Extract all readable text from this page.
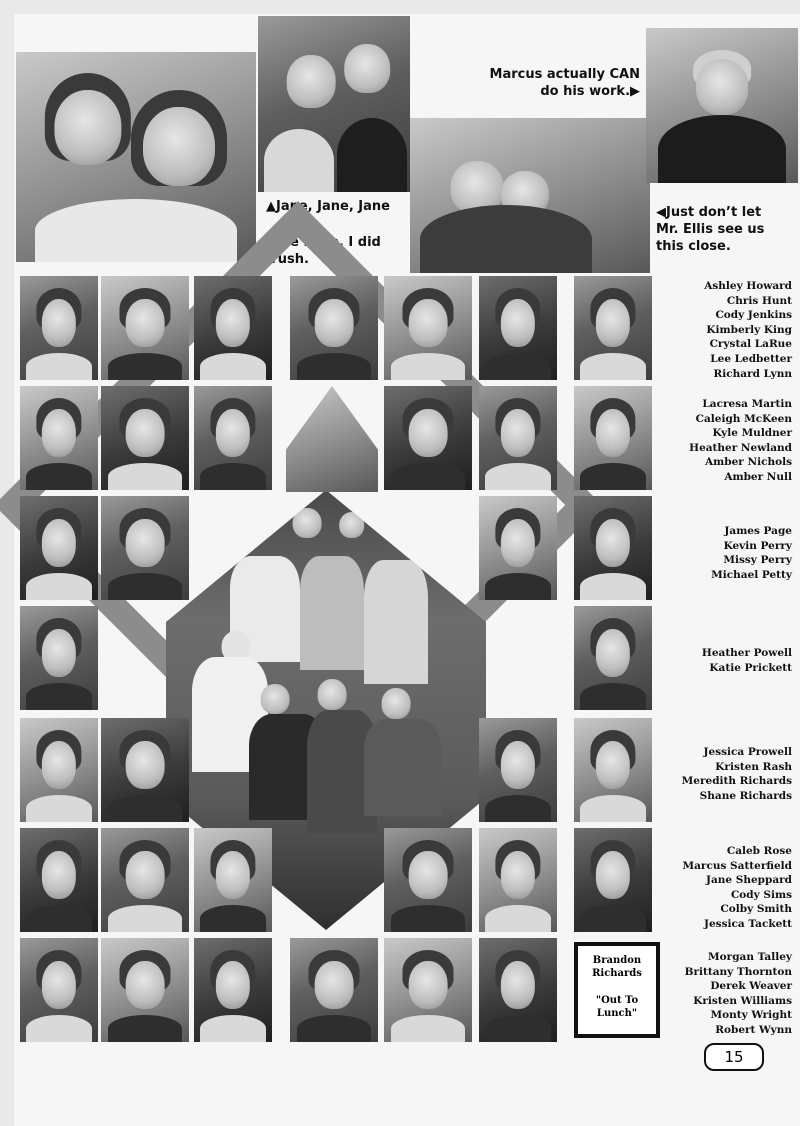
Marcus actually CAN
do his work.▶
▲Jane, Jane, Jane
◀See Mom. I did
brush.
◀Just don’t let
Mr. Ellis see us
this close.
Ashley Howard
Chris Hunt
Cody Jenkins
Kimberly King
Crystal LaRue
Lee Ledbetter
Richard Lynn
Lacresa Martin
Caleigh McKeen
Kyle Muldner
Heather Newland
Amber Nichols
Amber Null
James Page
Kevin Perry
Missy Perry
Michael Petty
Heather Powell
Katie Prickett
Jessica Prowell
Kristen Rash
Meredith Richards
Shane Richards
Caleb Rose
Marcus Satterfield
Jane Sheppard
Cody Sims
Colby Smith
Jessica Tackett
Morgan Talley
Brittany Thornton
Derek Weaver
Kristen Williams
Monty Wright
Robert Wynn
Brandon
Richards
"Out To
Lunch"
15
